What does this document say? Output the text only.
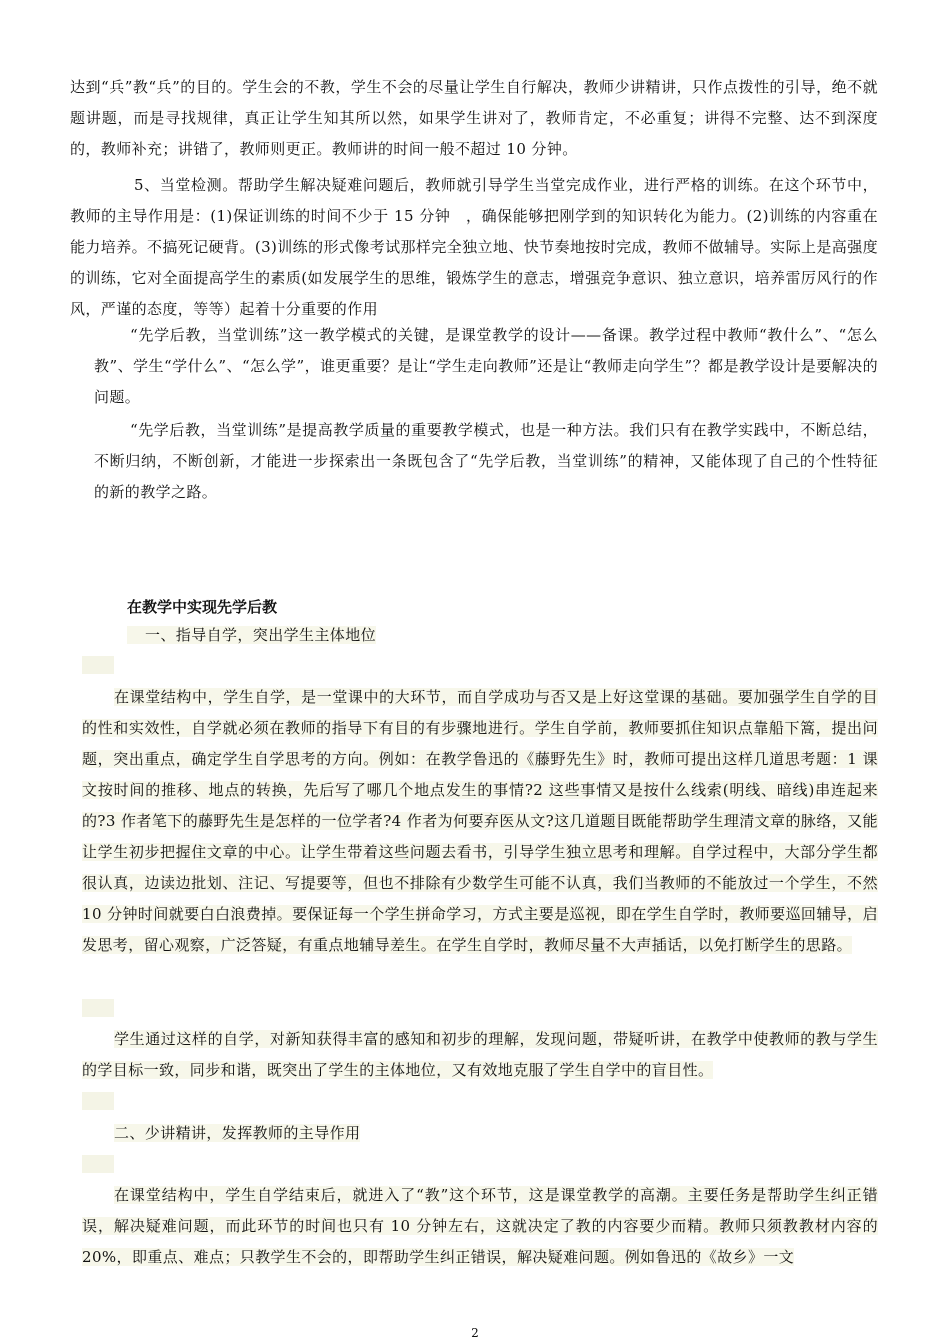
达到“兵”教“兵”的目的。学生会的不教，学生不会的尽量让学生自行解决，教师少讲精讲，只作点拨性的引导，绝不就题讲题，而是寻找规律，真正让学生知其所以然，如果学生讲对了，教师肯定，不必重复；讲得不完整、达不到深度的，教师补充；讲错了，教师则更正。教师讲的时间一般不超过 10 分钟。

5、当堂检测。帮助学生解决疑难问题后，教师就引导学生当堂完成作业，进行严格的训练。在这个环节中，教师的主导作用是：(1)保证训练的时间不少于 15 分钟　，确保能够把刚学到的知识转化为能力。(2)训练的内容重在能力培养。不搞死记硬背。(3)训练的形式像考试那样完全独立地、快节奏地按时完成，教师不做辅导。实际上是高强度的训练，它对全面提高学生的素质(如发展学生的思维，锻炼学生的意志，增强竞争意识、独立意识，培养雷厉风行的作风，严谨的态度，等等）起着十分重要的作用

“先学后教，当堂训练”这一教学模式的关键，是课堂教学的设计——备课。教学过程中教师“教什么”、“怎么教”、学生“学什么”、“怎么学”，谁更重要？是让“学生走向教师”还是让“教师走向学生”？都是教学设计是要解决的问题。

“先学后教，当堂训练”是提高教学质量的重要教学模式，也是一种方法。我们只有在教学实践中，不断总结，不断归纳，不断创新，才能进一步探索出一条既包含了“先学后教，当堂训练”的精神，又能体现了自己的个性特征的新的教学之路。

在教学中实现先学后教

一、指导自学，突出学生主体地位

在课堂结构中，学生自学，是一堂课中的大环节，而自学成功与否又是上好这堂课的基础。要加强学生自学的目的性和实效性，自学就必须在教师的指导下有目的有步骤地进行。学生自学前，教师要抓住知识点靠船下篙，提出问题，突出重点，确定学生自学思考的方向。例如：在教学鲁迅的《藤野先生》时，教师可提出这样几道思考题：1 课文按时间的推移、地点的转换，先后写了哪几个地点发生的事情?2 这些事情又是按什么线索(明线、暗线)串连起来的?3 作者笔下的藤野先生是怎样的一位学者?4 作者为何要弃医从文?这几道题目既能帮助学生理清文章的脉络，又能让学生初步把握住文章的中心。让学生带着这些问题去看书，引导学生独立思考和理解。自学过程中，大部分学生都很认真，边读边批划、注记、写提要等，但也不排除有少数学生可能不认真，我们当教师的不能放过一个学生，不然 10 分钟时间就要白白浪费掉。要保证每一个学生拼命学习，方式主要是巡视，即在学生自学时，教师要巡回辅导，启发思考，留心观察，广泛答疑，有重点地辅导差生。在学生自学时，教师尽量不大声插话，以免打断学生的思路。

学生通过这样的自学，对新知获得丰富的感知和初步的理解，发现问题，带疑听讲，在教学中使教师的教与学生的学目标一致，同步和谐，既突出了学生的主体地位，又有效地克服了学生自学中的盲目性。

二、少讲精讲，发挥教师的主导作用

在课堂结构中，学生自学结束后，就进入了“教”这个环节，这是课堂教学的高潮。主要任务是帮助学生纠正错误，解决疑难问题，而此环节的时间也只有 10 分钟左右，这就决定了教的内容要少而精。教师只须教教材内容的 20%，即重点、难点；只教学生不会的，即帮助学生纠正错误，解决疑难问题。例如鲁迅的《故乡》一文

2
